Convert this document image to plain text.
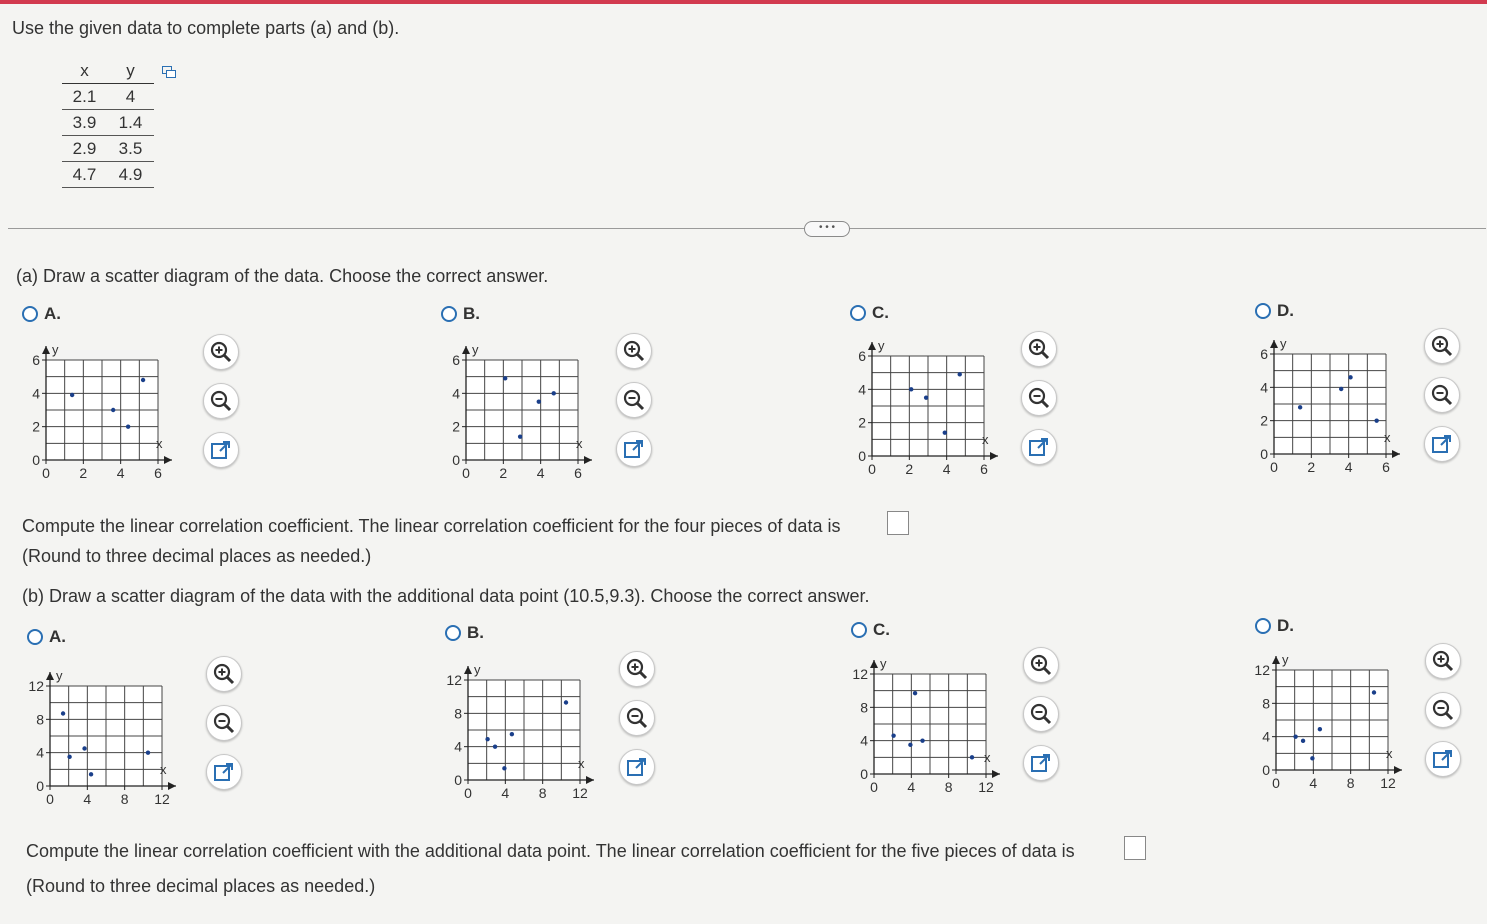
Use the given data to complete parts (a) and (b).
x	y
2.1	4
3.9	1.4
2.9	3.5
4.7	4.9
• • •
(a) Draw a scatter diagram of the data. Choose the correct answer.
A.
x
y
0 2 4 6
0
2
4
6
B.
x
y
0 2 4 6
0
2
4
6
C.
x
y
0 2 4 6
0
2
4
6
D.
x
y
0 2 4 6
0
2
4
6
Compute the linear correlation coefficient. The linear correlation coefficient for the four pieces of data is
(Round to three decimal places as needed.)
(b) Draw a scatter diagram of the data with the additional data point (10.5,9.3). Choose the correct answer.
A.
x
y
0 4 8 12
0
4
8
12
B.
x
y
0 4 8 12
0
4
8
12
C.
x
y
0 4 8 12
0
4
8
12
D.
x
y
0 4 8 12
0
4
8
12
Compute the linear correlation coefficient with the additional data point. The linear correlation coefficient for the five pieces of data is
(Round to three decimal places as needed.)
